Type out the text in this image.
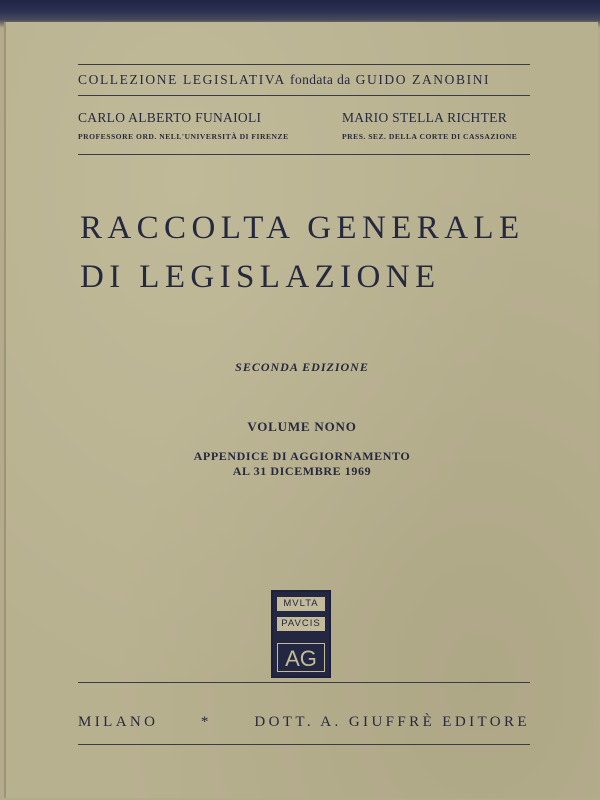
COLLEZIONE LEGISLATIVA fondata da GUIDO ZANOBINI
CARLO ALBERTO FUNAIOLI
PROFESSORE ORD. NELL'UNIVERSITÀ DI FIRENZE
MARIO STELLA RICHTER
PRES. SEZ. DELLA CORTE DI CASSAZIONE
RACCOLTA GENERALE
DI LEGISLAZIONE
SECONDA EDIZIONE
VOLUME NONO
APPENDICE DI AGGIORNAMENTO
AL 31 DICEMBRE 1969
MVLTA
PAVCIS
AG
MILANO	*	DOTT. A. GIUFFRÈ EDITORE
